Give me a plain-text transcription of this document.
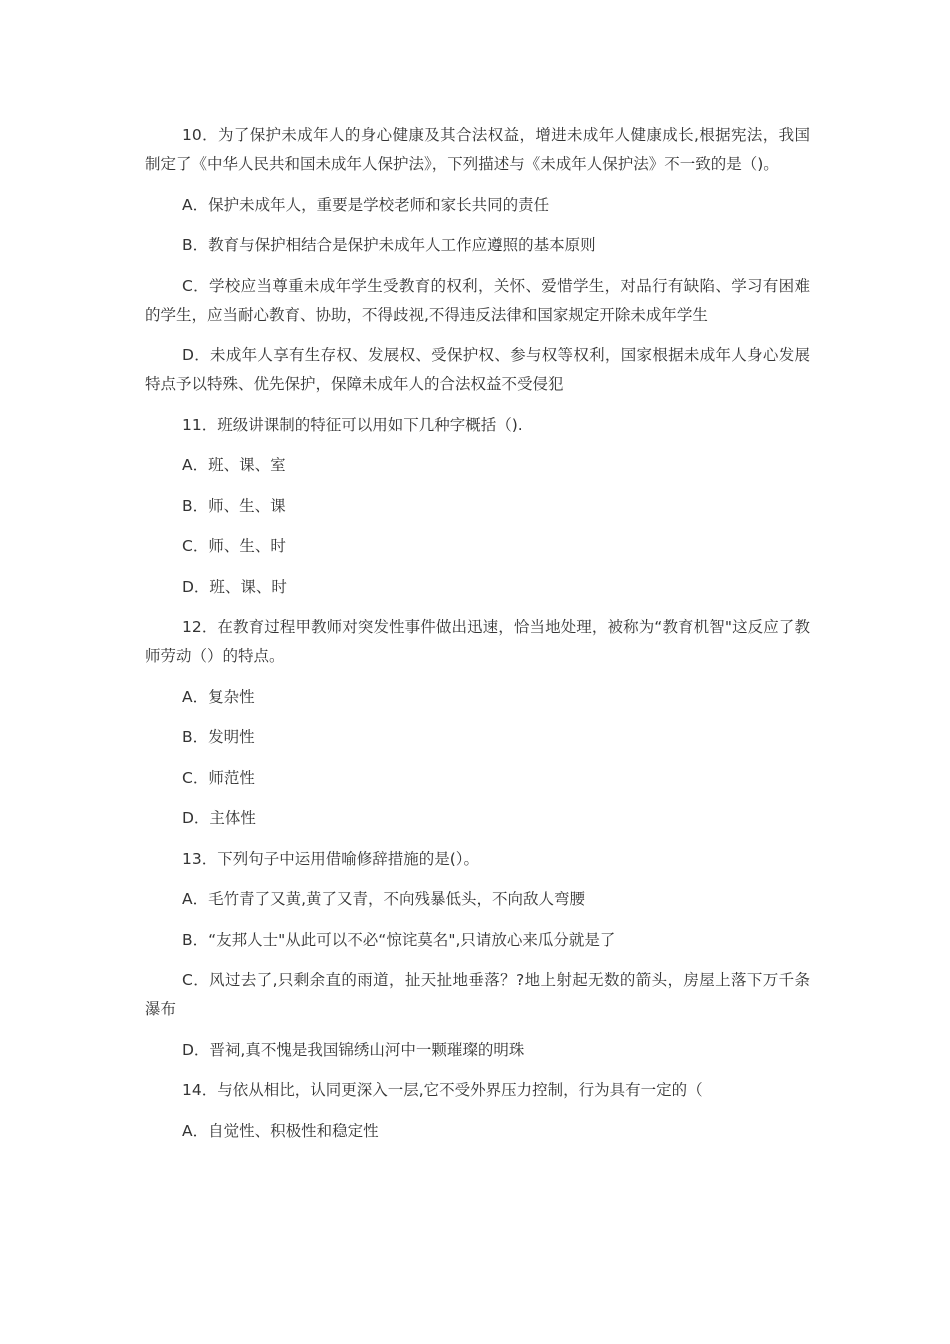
10．为了保护未成年人的身心健康及其合法权益，增进未成年人健康成长,根据宪法，我国制定了《中华人民共和国未成年人保护法》，下列描述与《未成年人保护法》不一致的是（)。

A．保护未成年人，重要是学校老师和家长共同的责任

B．教育与保护相结合是保护未成年人工作应遵照的基本原则

C．学校应当尊重未成年学生受教育的权利，关怀、爱惜学生，对品行有缺陷、学习有困难的学生，应当耐心教育、协助，不得歧视,不得违反法律和国家规定开除未成年学生

D．未成年人享有生存权、发展权、受保护权、参与权等权利，国家根据未成年人身心发展特点予以特殊、优先保护，保障未成年人的合法权益不受侵犯

11．班级讲课制的特征可以用如下几种字概括（).

A．班、课、室

B．师、生、课

C．师、生、时

D．班、课、时

12．在教育过程甲教师对突发性事件做出迅速，恰当地处理，被称为“教育机智"这反应了教师劳动（）的特点。

A．复杂性

B．发明性

C．师范性

D．主体性

13．下列句子中运用借喻修辞措施的是(）。

A．毛竹青了又黄,黄了又青，不向残暴低头，不向敌人弯腰

B．“友邦人士"从此可以不必“惊诧莫名",只请放心来瓜分就是了

C．风过去了,只剩余直的雨道，扯天扯地垂落？?地上射起无数的箭头，房屋上落下万千条瀑布

D．晋祠,真不愧是我国锦绣山河中一颗璀璨的明珠

14．与依从相比，认同更深入一层,它不受外界压力控制，行为具有一定的（

A．自觉性、积极性和稳定性
